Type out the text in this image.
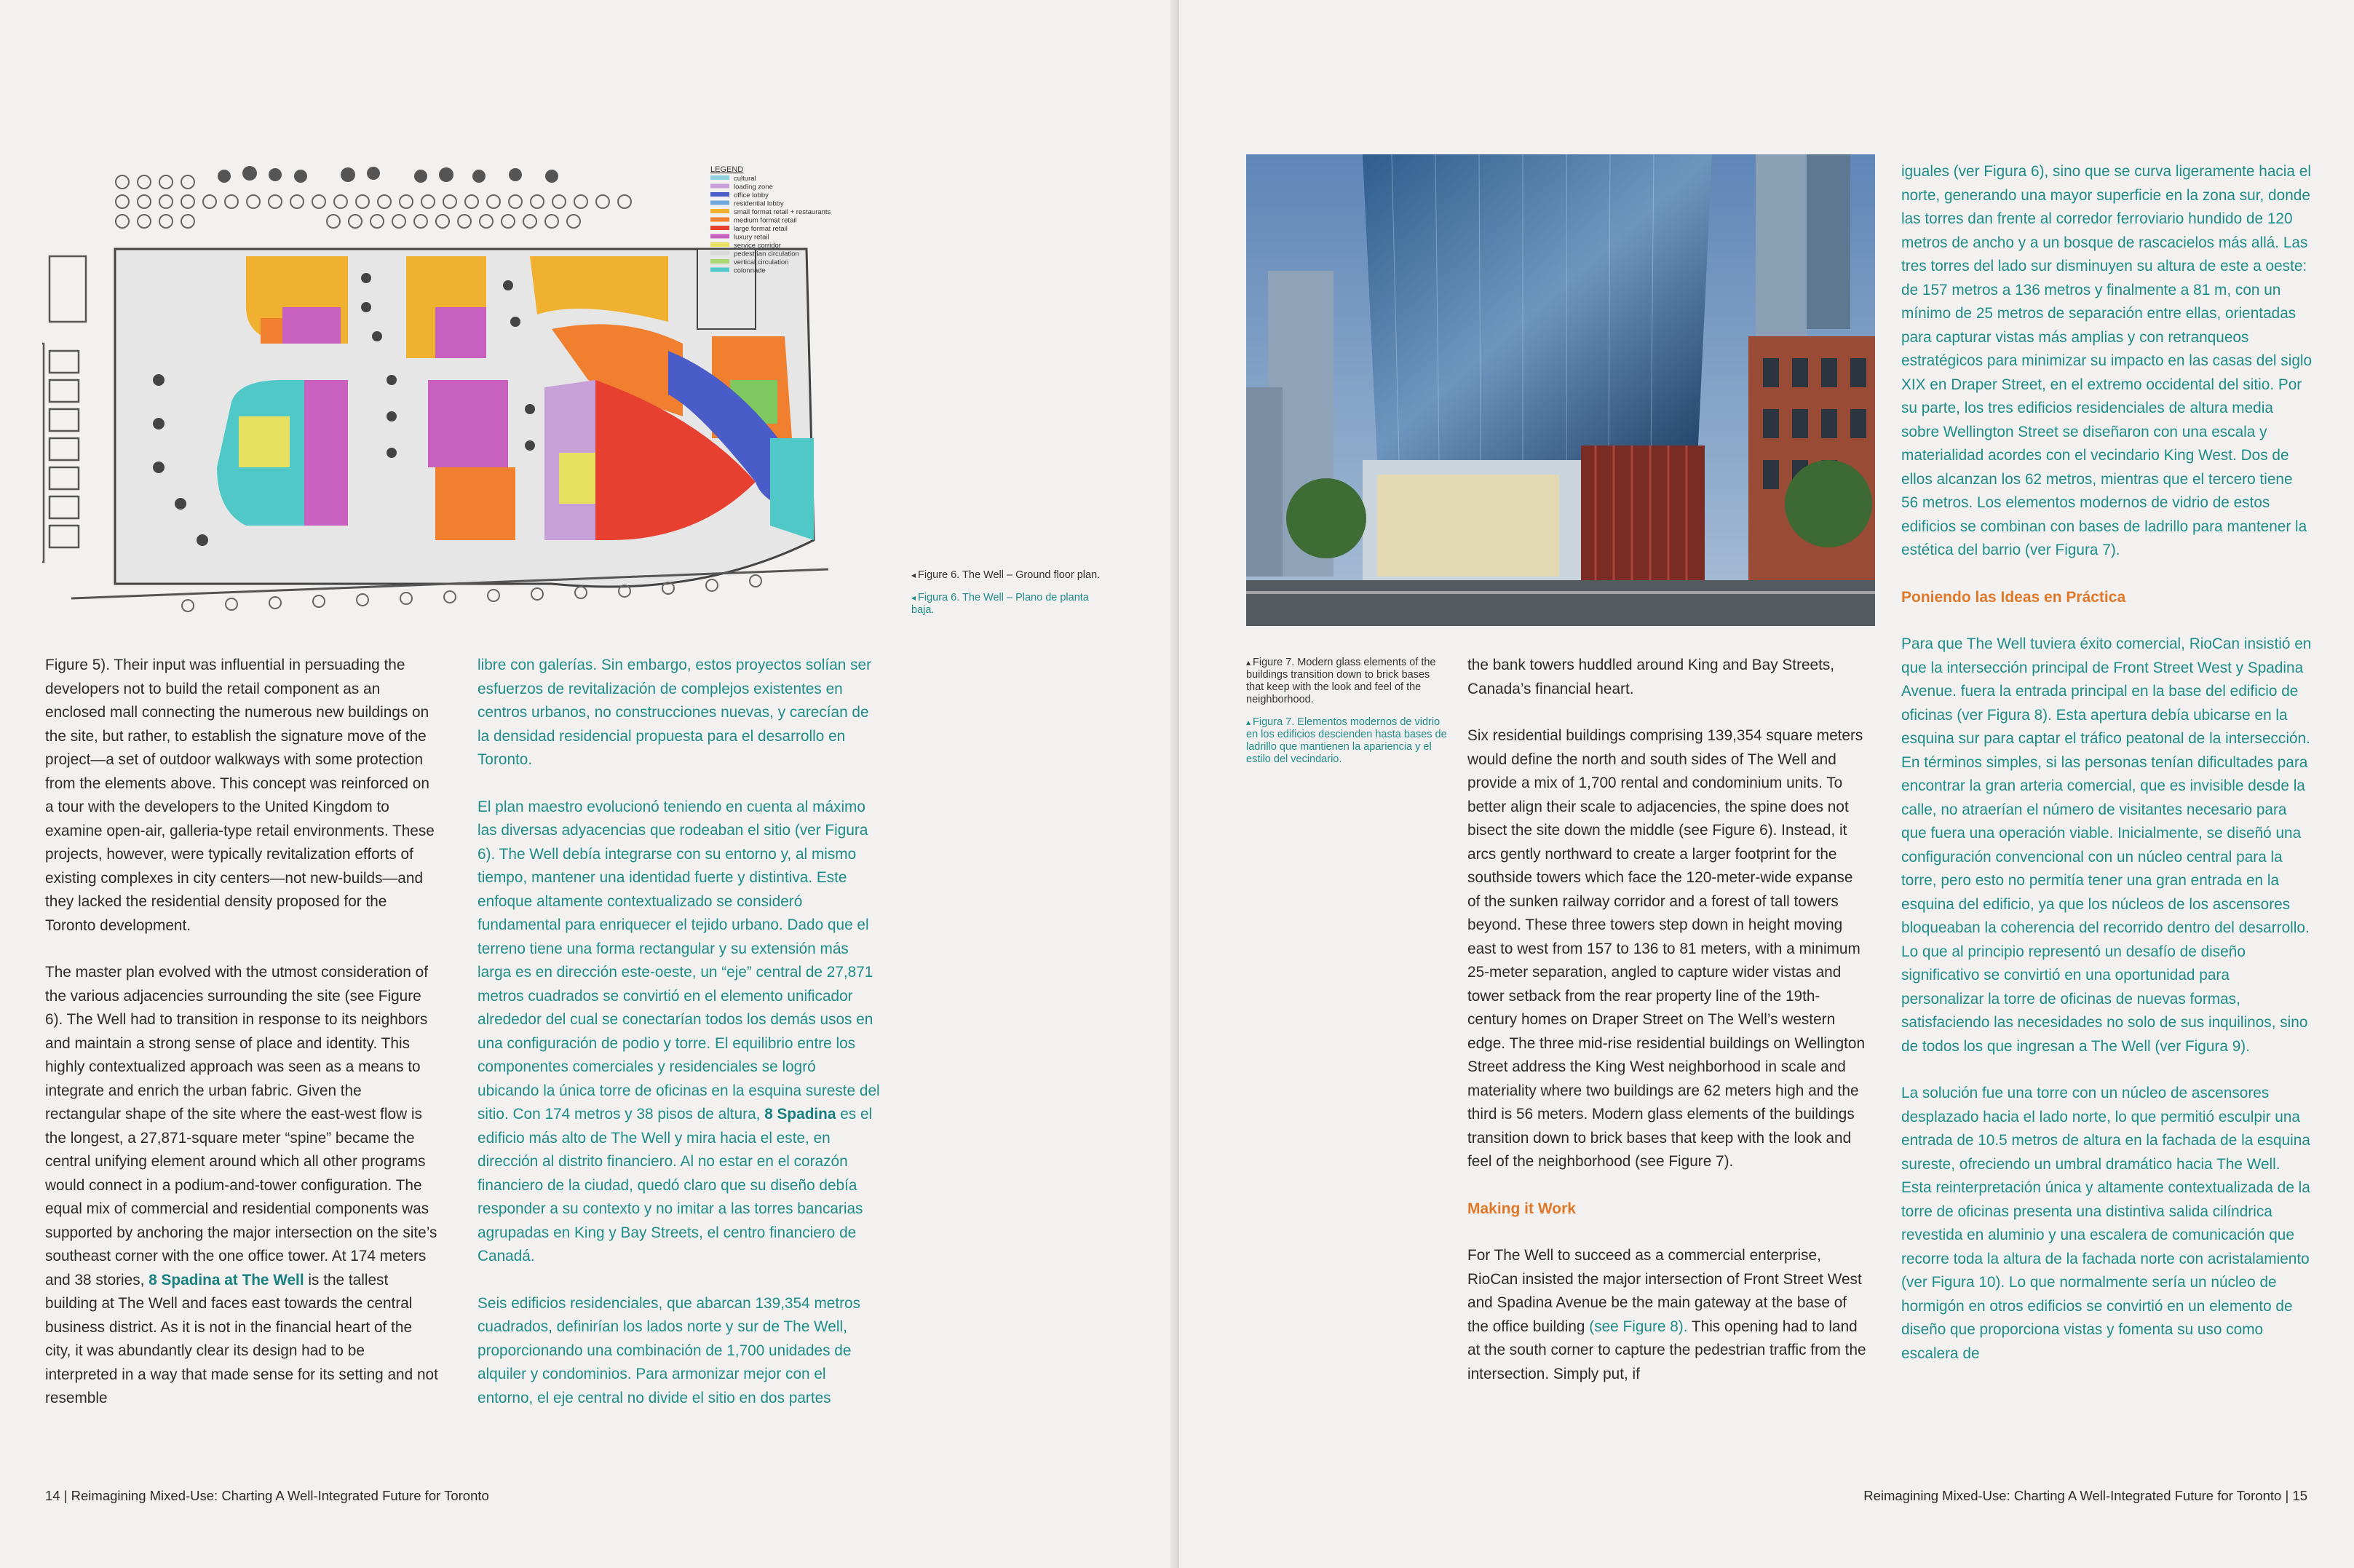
LEGEND
cultural
loading zone
office lobby
residential lobby
small format retail + restaurants
medium format retail
large format retail
luxury retail
service corridor
pedestrian circulation
vertical circulation
colonnade
◂ Figure 6. The Well – Ground floor plan.
◂ Figura 6. The Well – Plano de planta baja.

Figure 5). Their input was influential in persuading the developers not to build the retail component as an enclosed mall connecting the numerous new buildings on the site, but rather, to establish the signature move of the project—a set of outdoor walkways with some protection from the elements above. This concept was reinforced on a tour with the developers to the United Kingdom to examine open-air, galleria-type retail environments. These projects, however, were typically revitalization efforts of existing complexes in city centers—not new-builds—and they lacked the residential density proposed for the Toronto development.

The master plan evolved with the utmost consideration of the various adjacencies surrounding the site (see Figure 6). The Well had to transition in response to its neighbors and maintain a strong sense of place and identity. This highly contextualized approach was seen as a means to integrate and enrich the urban fabric. Given the rectangular shape of the site where the east-west flow is the longest, a 27,871-square meter “spine” became the central unifying element around which all other programs would connect in a podium-and-tower configuration. The equal mix of commercial and residential components was supported by anchoring the major intersection on the site’s southeast corner with the one office tower. At 174 meters and 38 stories, 8 Spadina at The Well is the tallest building at The Well and faces east towards the central business district. As it is not in the financial heart of the city, it was abundantly clear its design had to be interpreted in a way that made sense for its setting and not resemble

libre con galerías. Sin embargo, estos proyectos solían ser esfuerzos de revitalización de complejos existentes en centros urbanos, no construcciones nuevas, y carecían de la densidad residencial propuesta para el desarrollo en Toronto.

El plan maestro evolucionó teniendo en cuenta al máximo las diversas adyacencias que rodeaban el sitio (ver Figura 6). The Well debía integrarse con su entorno y, al mismo tiempo, mantener una identidad fuerte y distintiva. Este enfoque altamente contextualizado se consideró fundamental para enriquecer el tejido urbano. Dado que el terreno tiene una forma rectangular y su extensión más larga es en dirección este-oeste, un “eje” central de 27,871 metros cuadrados se convirtió en el elemento unificador alrededor del cual se conectarían todos los demás usos en una configuración de podio y torre. El equilibrio entre los componentes comerciales y residenciales se logró ubicando la única torre de oficinas en la esquina sureste del sitio. Con 174 metros y 38 pisos de altura, 8 Spadina es el edificio más alto de The Well y mira hacia el este, en dirección al distrito financiero. Al no estar en el corazón financiero de la ciudad, quedó claro que su diseño debía responder a su contexto y no imitar a las torres bancarias agrupadas en King y Bay Streets, el centro financiero de Canadá.

Seis edificios residenciales, que abarcan 139,354 metros cuadrados, definirían los lados norte y sur de The Well, proporcionando una combinación de 1,700 unidades de alquiler y condominios. Para armonizar mejor con el entorno, el eje central no divide el sitio en dos partes

14 | Reimagining Mixed-Use: Charting A Well-Integrated Future for Toronto
▴ Figure 7. Modern glass elements of the buildings transition down to brick bases that keep with the look and feel of the neighborhood.
▴ Figura 7. Elementos modernos de vidrio en los edificios descienden hasta bases de ladrillo que mantienen la apariencia y el estilo del vecindario.

the bank towers huddled around King and Bay Streets, Canada’s financial heart.

Six residential buildings comprising 139,354 square meters would define the north and south sides of The Well and provide a mix of 1,700 rental and condominium units. To better align their scale to adjacencies, the spine does not bisect the site down the middle (see Figure 6). Instead, it arcs gently northward to create a larger footprint for the southside towers which face the 120-meter-wide expanse of the sunken railway corridor and a forest of tall towers beyond. These three towers step down in height moving east to west from 157 to 136 to 81 meters, with a minimum 25-meter separation, angled to capture wider vistas and tower setback from the rear property line of the 19th-century homes on Draper Street on The Well’s western edge. The three mid-rise residential buildings on Wellington Street address the King West neighborhood in scale and materiality where two buildings are 62 meters high and the third is 56 meters. Modern glass elements of the buildings transition down to brick bases that keep with the look and feel of the neighborhood (see Figure 7).

Making it Work

For The Well to succeed as a commercial enterprise, RioCan insisted the major intersection of Front Street West and Spadina Avenue be the main gateway at the base of the office building (see Figure 8). This opening had to land at the south corner to capture the pedestrian traffic from the intersection. Simply put, if

iguales (ver Figura 6), sino que se curva ligeramente hacia el norte, generando una mayor superficie en la zona sur, donde las torres dan frente al corredor ferroviario hundido de 120 metros de ancho y a un bosque de rascacielos más allá. Las tres torres del lado sur disminuyen su altura de este a oeste: de 157 metros a 136 metros y finalmente a 81 m, con un mínimo de 25 metros de separación entre ellas, orientadas para capturar vistas más amplias y con retranqueos estratégicos para minimizar su impacto en las casas del siglo XIX en Draper Street, en el extremo occidental del sitio. Por su parte, los tres edificios residenciales de altura media sobre Wellington Street se diseñaron con una escala y materialidad acordes con el vecindario King West. Dos de ellos alcanzan los 62 metros, mientras que el tercero tiene 56 metros. Los elementos modernos de vidrio de estos edificios se combinan con bases de ladrillo para mantener la estética del barrio (ver Figura 7).

Poniendo las Ideas en Práctica

Para que The Well tuviera éxito comercial, RioCan insistió en que la intersección principal de Front Street West y Spadina Avenue. fuera la entrada principal en la base del edificio de oficinas (ver Figura 8). Esta apertura debía ubicarse en la esquina sur para captar el tráfico peatonal de la intersección. En términos simples, si las personas tenían dificultades para encontrar la gran arteria comercial, que es invisible desde la calle, no atraerían el número de visitantes necesario para que fuera una operación viable. Inicialmente, se diseñó una configuración convencional con un núcleo central para la torre, pero esto no permitía tener una gran entrada en la esquina del edificio, ya que los núcleos de los ascensores bloqueaban la coherencia del recorrido dentro del desarrollo. Lo que al principio representó un desafío de diseño significativo se convirtió en una oportunidad para personalizar la torre de oficinas de nuevas formas, satisfaciendo las necesidades no solo de sus inquilinos, sino de todos los que ingresan a The Well (ver Figura 9).

La solución fue una torre con un núcleo de ascensores desplazado hacia el lado norte, lo que permitió esculpir una entrada de 10.5 metros de altura en la fachada de la esquina sureste, ofreciendo un umbral dramático hacia The Well. Esta reinterpretación única y altamente contextualizada de la torre de oficinas presenta una distintiva salida cilíndrica revestida en aluminio y una escalera de comunicación que recorre toda la altura de la fachada norte con acristalamiento (ver Figura 10). Lo que normalmente sería un núcleo de hormigón en otros edificios se convirtió en un elemento de diseño que proporciona vistas y fomenta su uso como escalera de

Reimagining Mixed-Use: Charting A Well-Integrated Future for Toronto | 15
